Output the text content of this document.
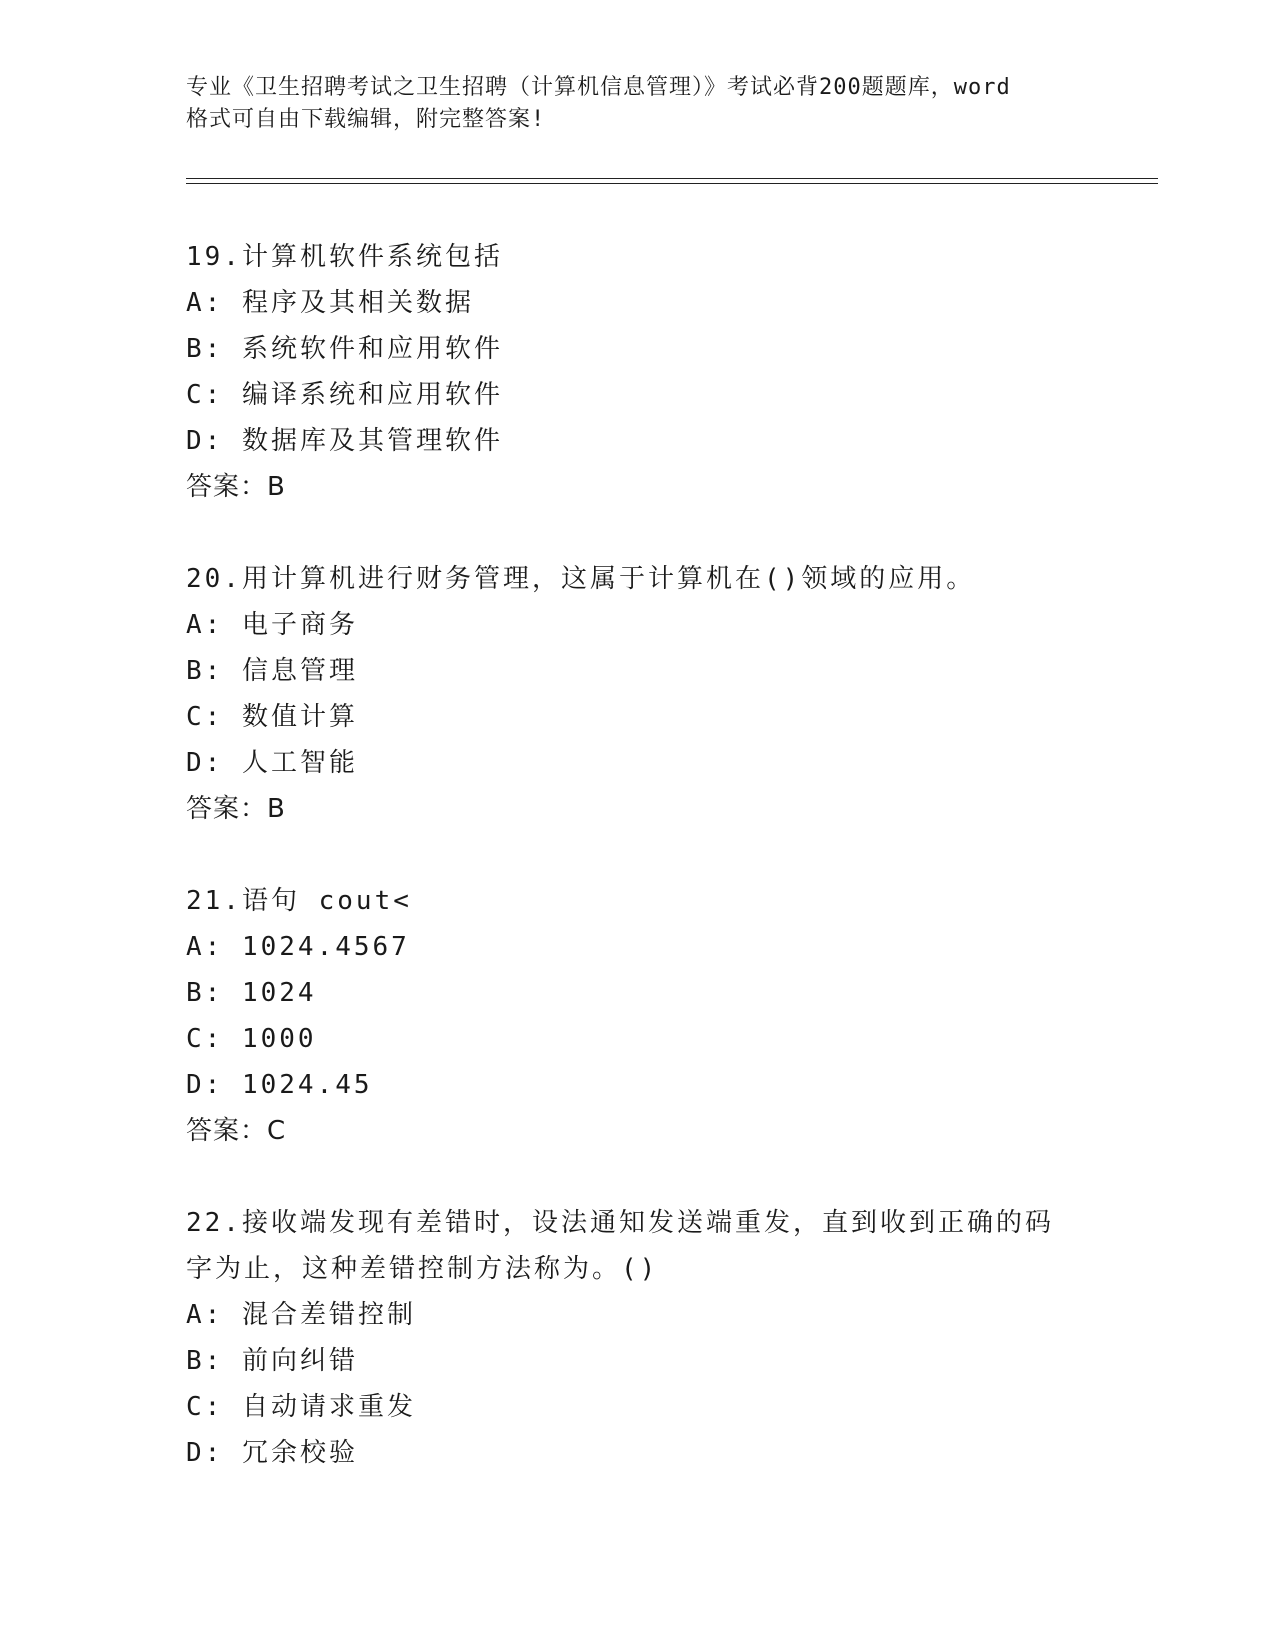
专业《卫生招聘考试之卫生招聘（计算机信息管理）》考试必背200题题库，word

格式可自由下载编辑，附完整答案!

19.计算机软件系统包括
A: 程序及其相关数据
B: 系统软件和应用软件
C: 编译系统和应用软件
D: 数据库及其管理软件
答案：B
20.用计算机进行财务管理，这属于计算机在()领域的应用。
A: 电子商务
B: 信息管理
C: 数值计算
D: 人工智能
答案：B
21.语句 cout<
A: 1024.4567
B: 1024
C: 1000
D: 1024.45
答案：C
22.接收端发现有差错时，设法通知发送端重发，直到收到正确的码字为止，这种差错控制方法称为。()
A: 混合差错控制
B: 前向纠错
C: 自动请求重发
D: 冗余校验
